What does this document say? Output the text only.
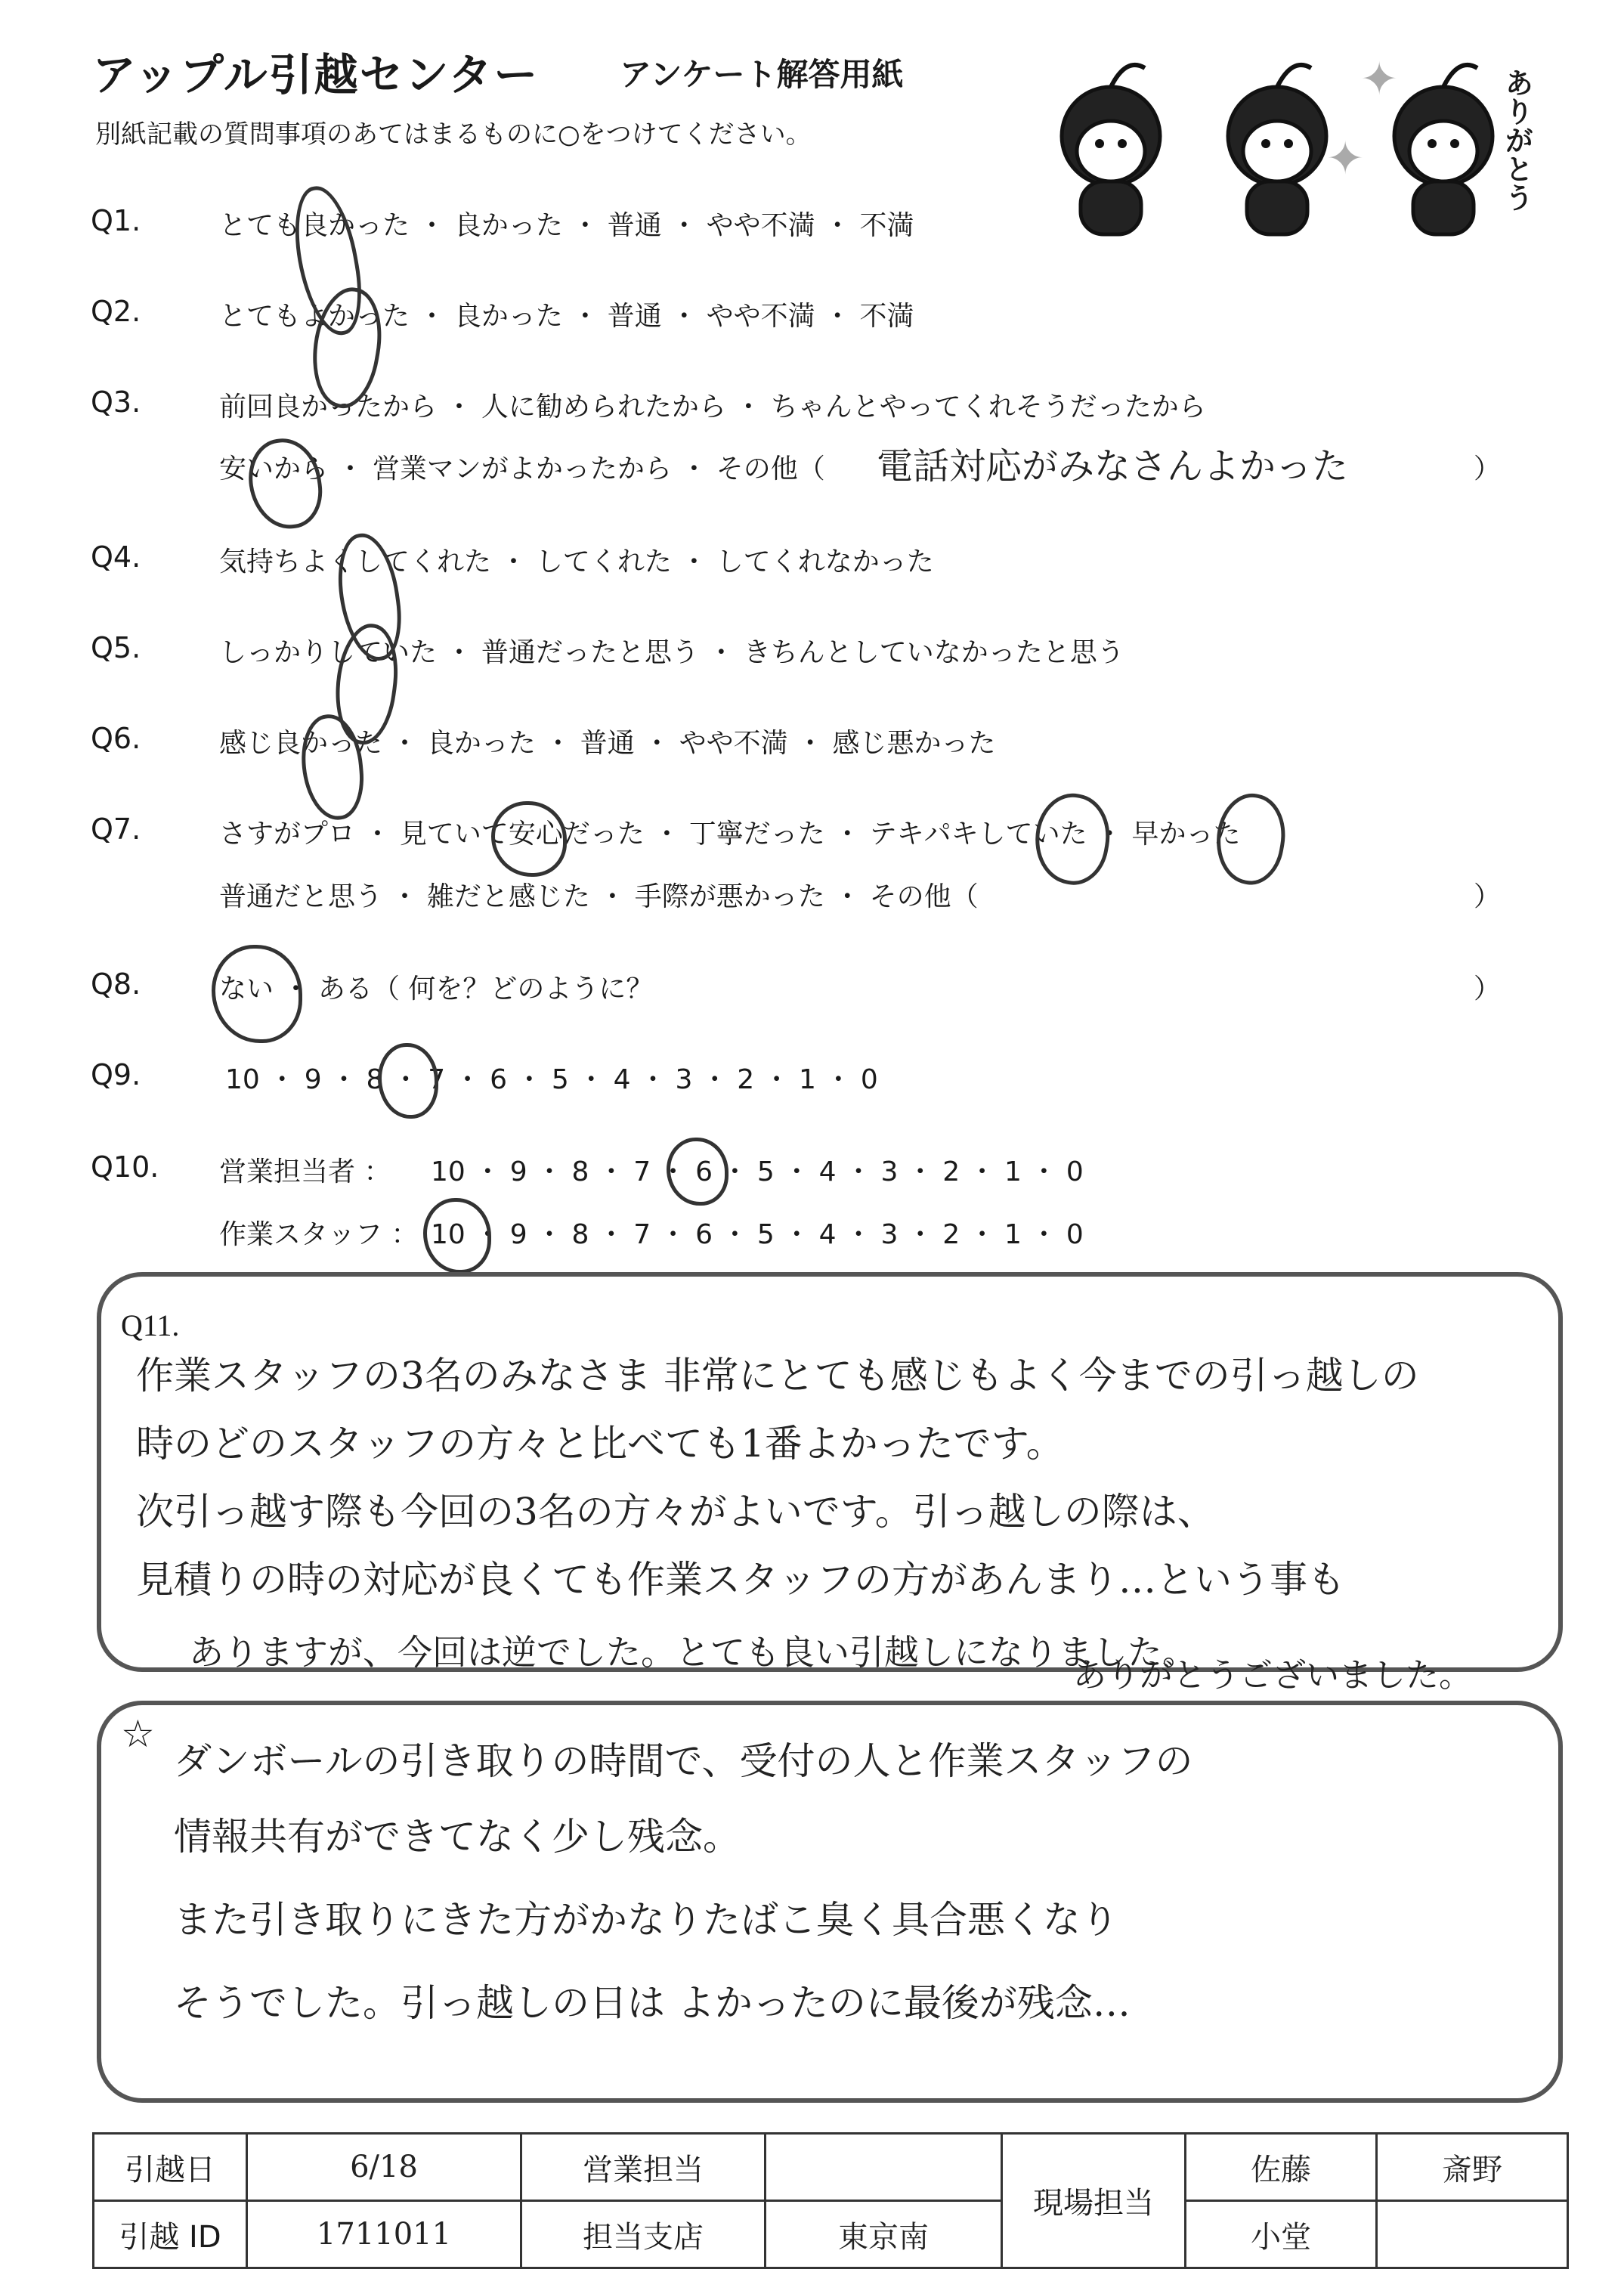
アップル引越センター	アンケート解答用紙
別紙記載の質問事項のあてはまるものに○をつけてください。	ありがとう
✦
✦
Q1.	とても良かった ・ 良かった ・ 普通 ・ やや不満 ・ 不満
Q2.	とてもよかった ・ 良かった ・ 普通 ・ やや不満 ・ 不満
Q3.	前回良かったから ・ 人に勧められたから ・ ちゃんとやってくれそうだったから
安いから ・ 営業マンがよかったから ・ その他（ 電話対応がみなさんよかった	）
Q4.	気持ちよくしてくれた ・ してくれた ・ してくれなかった
Q5.	しっかりしていた ・ 普通だったと思う ・ きちんとしていなかったと思う
Q6.	感じ良かった ・ 良かった ・ 普通 ・ やや不満 ・ 感じ悪かった
Q7.	さすがプロ ・ 見ていて安心だった ・ 丁寧だった ・ テキパキしていた ・ 早かった
普通だと思う ・ 雑だと感じた ・ 手際が悪かった ・ その他（	）
Q8.	ない ・ ある（ 何を？どのように？	）
Q9.	10 ・ 9 ・ 8 ・ 7 ・ 6 ・ 5 ・ 4 ・ 3 ・ 2 ・ 1 ・ 0
Q10. 営業担当者 ： 10 ・ 9 ・ 8 ・ 7 ・ 6 ・ 5 ・ 4 ・ 3 ・ 2 ・ 1 ・ 0
作業スタッフ ： 10 ・ 9 ・ 8 ・ 7 ・ 6 ・ 5 ・ 4 ・ 3 ・ 2 ・ 1 ・ 0
Q11.
作業スタッフの3名のみなさま 非常にとても感じもよく今までの引っ越しの
時のどのスタッフの方々と比べても1番よかったです。
次引っ越す際も今回の3名の方々がよいです。引っ越しの際は、
見積りの時の対応が良くても作業スタッフの方があんまり…という事も
ありますが、今回は逆でした。とても良い引越しになりました。
ありがとうございました。
☆
ダンボールの引き取りの時間で、受付の人と作業スタッフの
情報共有ができてなく少し残念。
また引き取りにきた方がかなりたばこ臭く具合悪くなり
そうでした。引っ越しの日は よかったのに最後が残念…
引越日	6/18	営業担当		現場担当	佐藤	斎野
引越 ID	1711011	担当支店	東京南		小堂	
